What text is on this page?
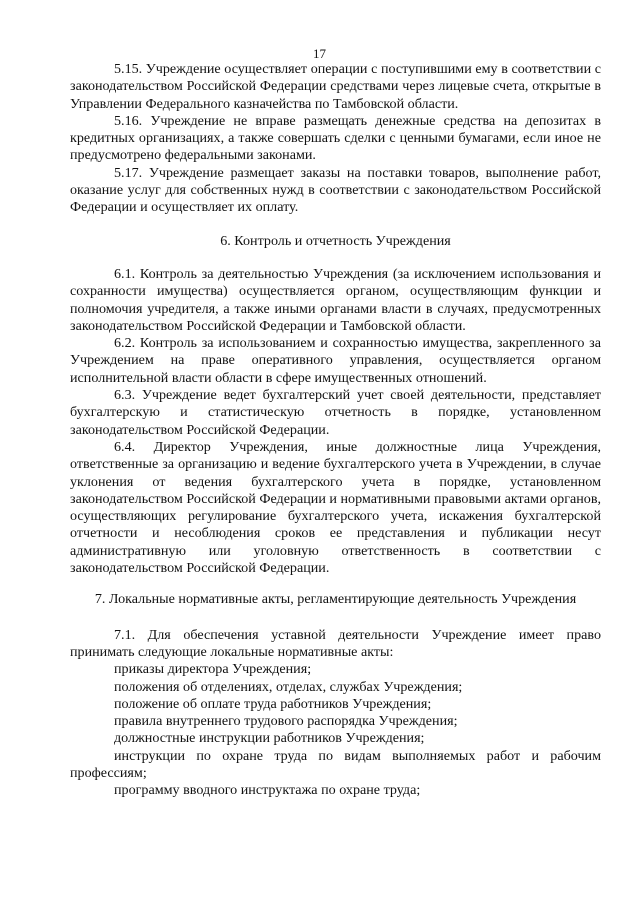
17

5.15. Учреждение осуществляет операции с поступившими ему в соответствии с законодательством Российской Федерации средствами через лицевые счета, открытые в Управлении Федерального казначейства по Тамбовской области.

5.16. Учреждение не вправе размещать денежные средства на депозитах в кредитных организациях, а также совершать сделки с ценными бумагами, если иное не предусмотрено федеральными законами.

5.17. Учреждение размещает заказы на поставки товаров, выполнение работ, оказание услуг для собственных нужд в соответствии с законодательством Российской Федерации и осуществляет их оплату.

6. Контроль и отчетность Учреждения

6.1. Контроль за деятельностью Учреждения (за исключением использования и сохранности имущества) осуществляется органом, осуществляющим функции и полномочия учредителя, а также иными органами власти в случаях, предусмотренных законодательством Российской Федерации и Тамбовской области.

6.2. Контроль за использованием и сохранностью имущества, закрепленного за Учреждением на праве оперативного управления, осуществляется органом исполнительной власти области в сфере имущественных отношений.

6.3. Учреждение ведет бухгалтерский учет своей деятельности, представляет бухгалтерскую и статистическую отчетность в порядке, установленном законодательством Российской Федерации.

6.4. Директор Учреждения, иные должностные лица Учреждения, ответственные за организацию и ведение бухгалтерского учета в Учреждении, в случае уклонения от ведения бухгалтерского учета в порядке, установленном законодательством Российской Федерации и нормативными правовыми актами органов, осуществляющих регулирование бухгалтерского учета, искажения бухгалтерской отчетности и несоблюдения сроков ее представления и публикации несут административную или уголовную ответственность в соответствии с законодательством Российской Федерации.

7. Локальные нормативные акты, регламентирующие деятельность Учреждения

7.1. Для обеспечения уставной деятельности Учреждение имеет право принимать следующие локальные нормативные акты:

приказы директора Учреждения;

положения об отделениях, отделах, службах Учреждения;

положение об оплате труда работников Учреждения;

правила внутреннего трудового распорядка Учреждения;

должностные инструкции работников Учреждения;

инструкции по охране труда по видам выполняемых работ и рабочим профессиям;

программу вводного инструктажа по охране труда;
